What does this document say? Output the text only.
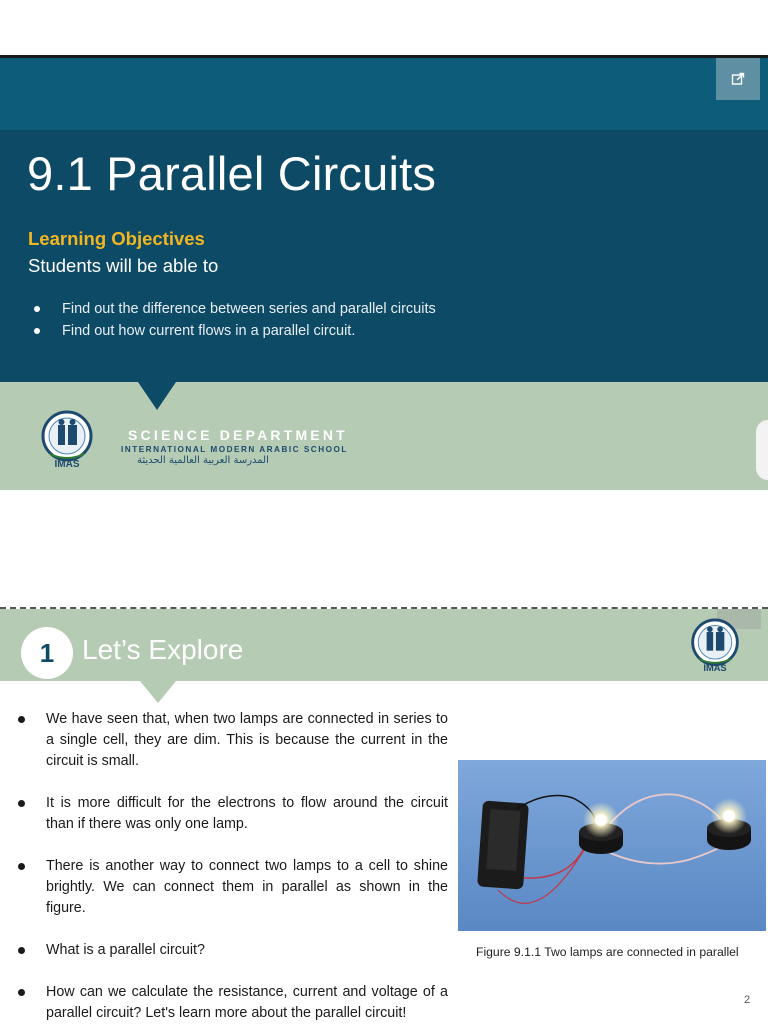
9.1 Parallel Circuits
Learning Objectives
Students will be able to
Find out the difference between series and parallel circuits
Find out how current flows in a parallel circuit.
IMAS
SCIENCE DEPARTMENT
INTERNATIONAL MODERN ARABIC SCHOOL
المدرسة العربية العالمية الحديثة
1 Let’s Explore
IMAS
We have seen that, when two lamps are connected in series to a single cell, they are dim. This is because the current in the circuit is small.
It is more difficult for the electrons to flow around the circuit than if there was only one lamp.
There is another way to connect two lamps to a cell to shine brightly. We can connect them in parallel as shown in the figure.
What is a parallel circuit?
How can we calculate the resistance, current and voltage of a parallel circuit? Let's learn more about the parallel circuit!
Figure 9.1.1 Two lamps are connected in parallel
2
